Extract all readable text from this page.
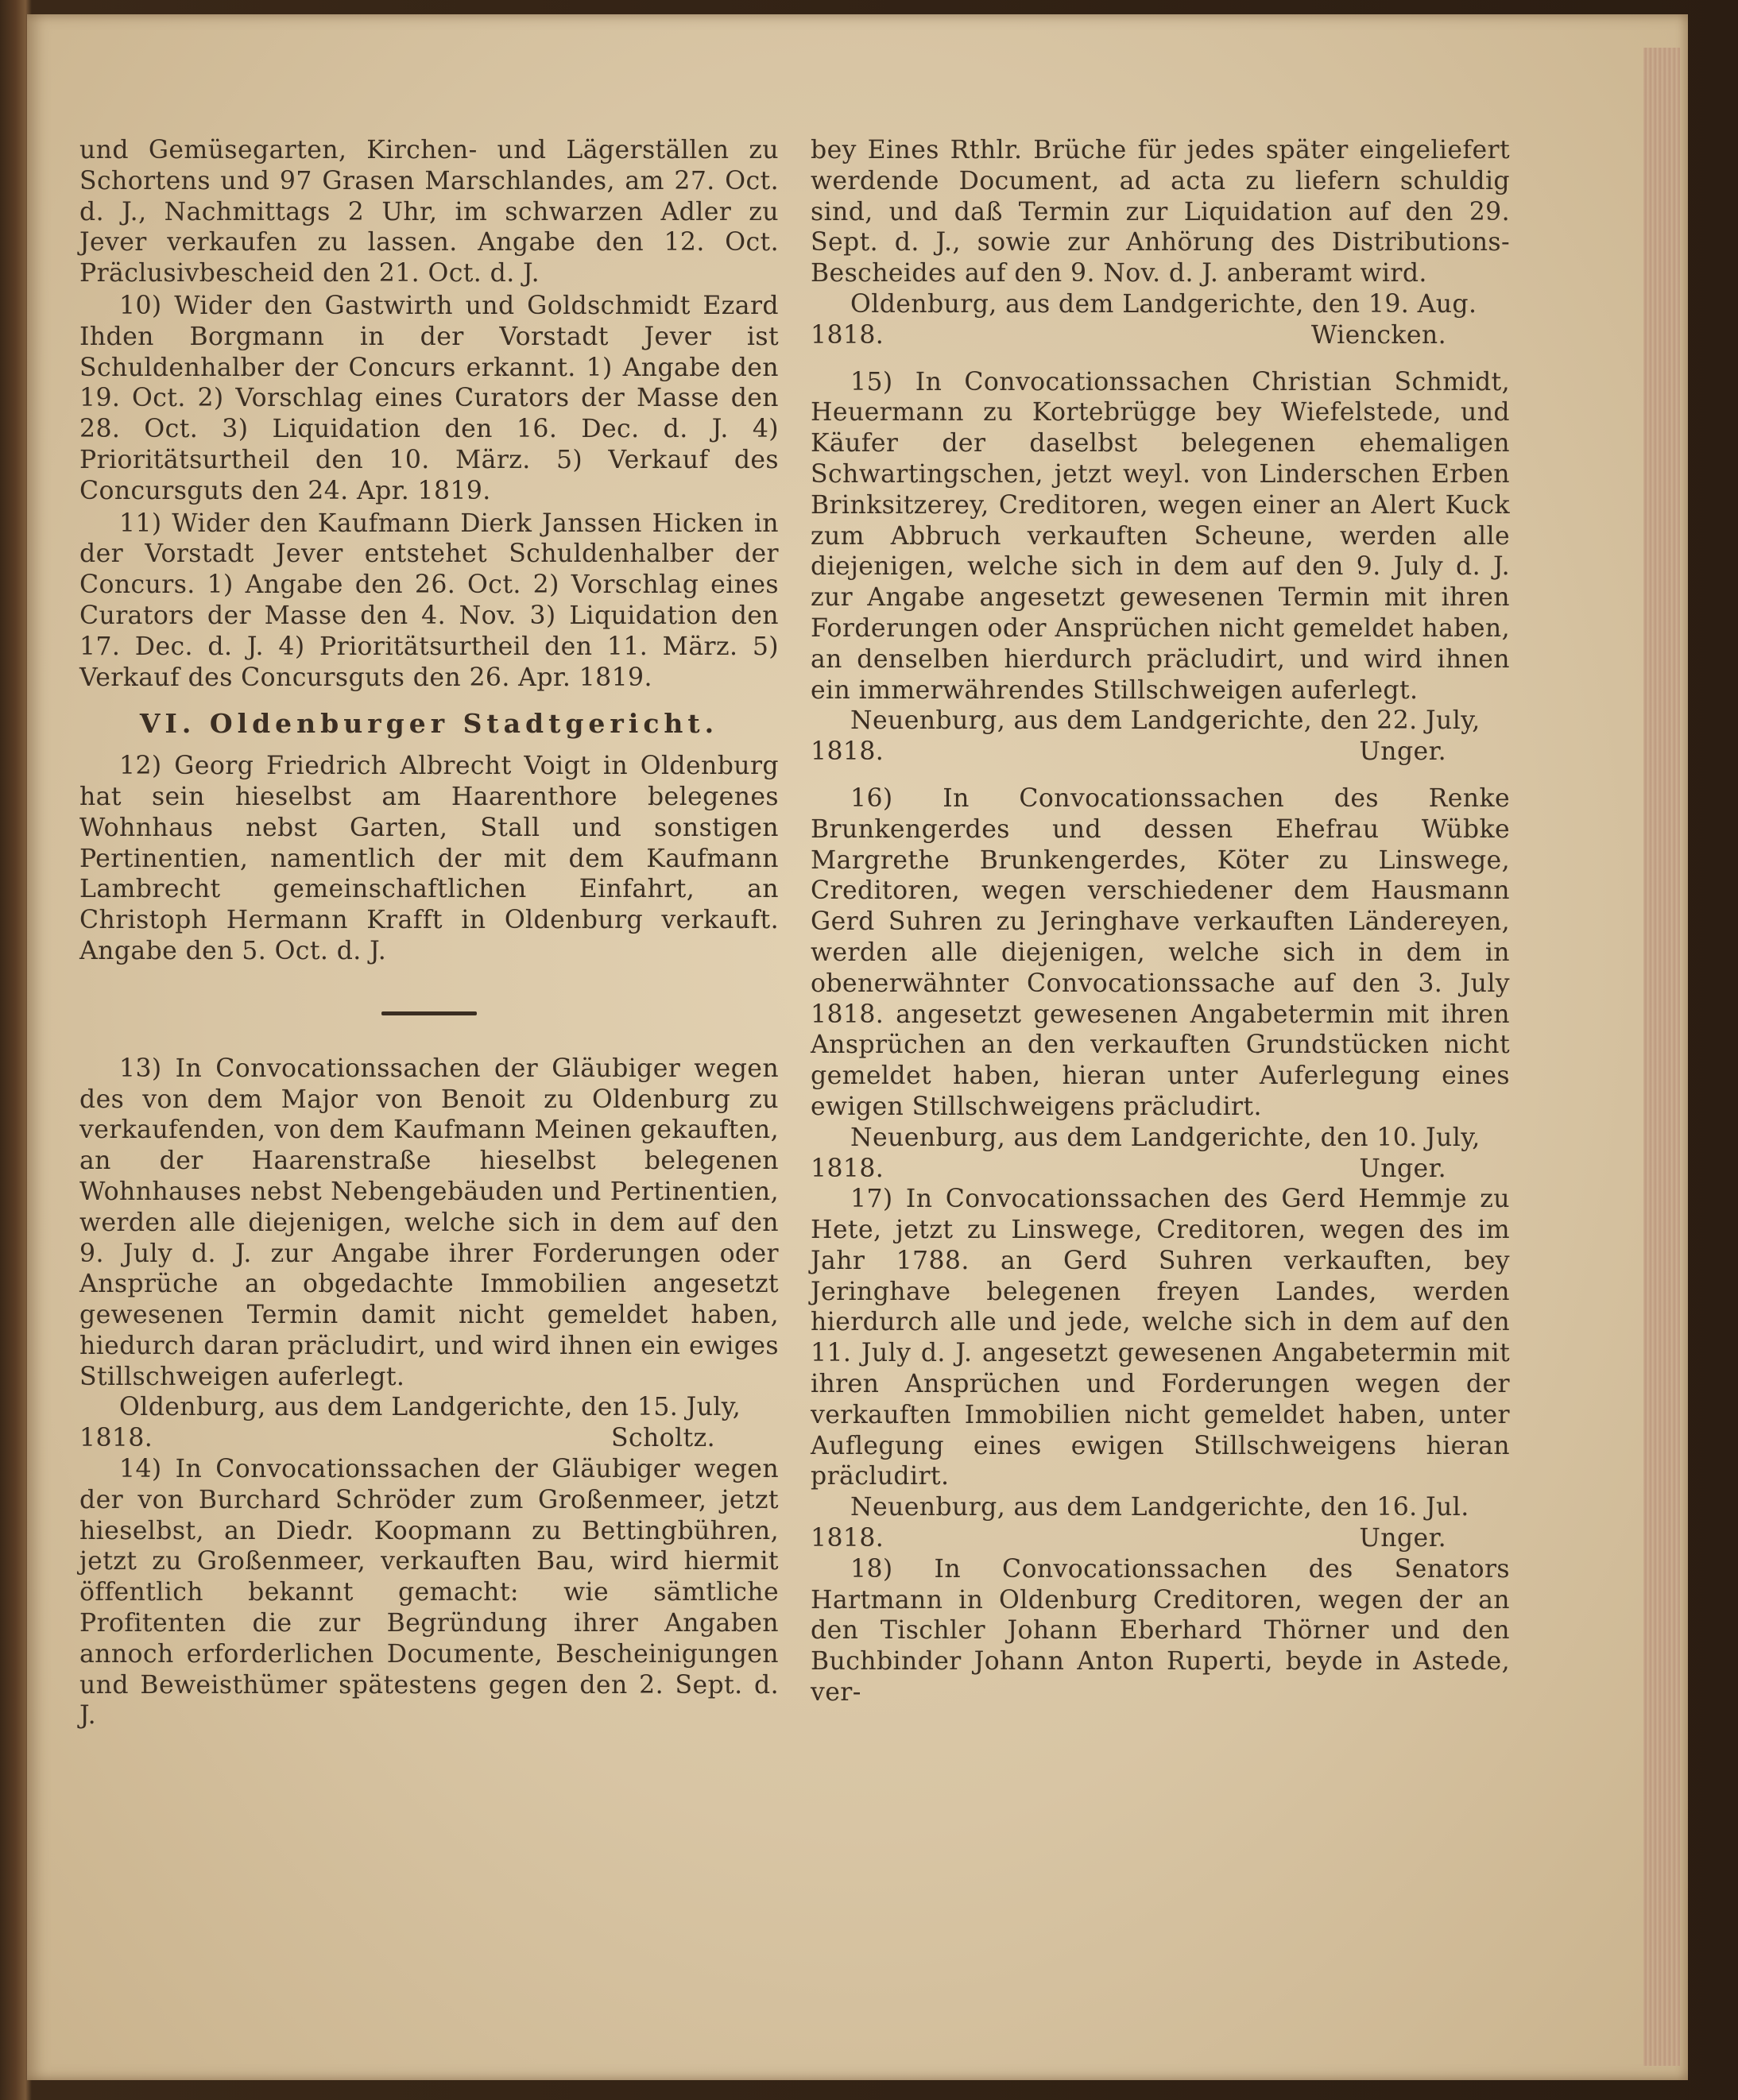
und Gemüsegarten, Kirchen- und Lägerställen zu Schortens und 97 Grasen Marschlandes, am 27. Oct. d. J., Nachmittags 2 Uhr, im schwarzen Adler zu Jever verkaufen zu lassen. Angabe den 12. Oct. Präclusivbescheid den 21. Oct. d. J.

10) Wider den Gastwirth und Goldschmidt Ezard Ihden Borgmann in der Vorstadt Jever ist Schuldenhalber der Concurs erkannt. 1) Angabe den 19. Oct. 2) Vorschlag eines Curators der Masse den 28. Oct. 3) Liquidation den 16. Dec. d. J. 4) Prioritätsurtheil den 10. März. 5) Verkauf des Concursguts den 24. Apr. 1819.

11) Wider den Kaufmann Dierk Janssen Hicken in der Vorstadt Jever entstehet Schuldenhalber der Concurs. 1) Angabe den 26. Oct. 2) Vorschlag eines Curators der Masse den 4. Nov. 3) Liquidation den 17. Dec. d. J. 4) Prioritätsurtheil den 11. März. 5) Verkauf des Concursguts den 26. Apr. 1819.

VI. Oldenburger Stadtgericht.

12) Georg Friedrich Albrecht Voigt in Oldenburg hat sein hieselbst am Haarenthore belegenes Wohnhaus nebst Garten, Stall und sonstigen Pertinentien, namentlich der mit dem Kaufmann Lambrecht gemeinschaftlichen Einfahrt, an Christoph Hermann Krafft in Oldenburg verkauft. Angabe den 5. Oct. d. J.

13) In Convocationssachen der Gläubiger wegen des von dem Major von Benoit zu Oldenburg zu verkaufenden, von dem Kaufmann Meinen gekauften, an der Haarenstraße hieselbst belegenen Wohnhauses nebst Nebengebäuden und Pertinentien, werden alle diejenigen, welche sich in dem auf den 9. July d. J. zur Angabe ihrer Forderungen oder Ansprüche an obgedachte Immobilien angesetzt gewesenen Termin damit nicht gemeldet haben, hiedurch daran präcludirt, und wird ihnen ein ewiges Stillschweigen auferlegt.

Oldenburg, aus dem Landgerichte, den 15. July,

1818.	Scholtz.

14) In Convocationssachen der Gläubiger wegen der von Burchard Schröder zum Großenmeer, jetzt hieselbst, an Diedr. Koopmann zu Bettingbühren, jetzt zu Großenmeer, verkauften Bau, wird hiermit öffentlich bekannt gemacht: wie sämtliche Profitenten die zur Begründung ihrer Angaben annoch erforderlichen Documente, Bescheinigungen und Beweisthümer spätestens gegen den 2. Sept. d. J.

bey Eines Rthlr. Brüche für jedes später eingeliefert werdende Document, ad acta zu liefern schuldig sind, und daß Termin zur Liquidation auf den 29. Sept. d. J., sowie zur Anhörung des Distributions-Bescheides auf den 9. Nov. d. J. anberamt wird.

Oldenburg, aus dem Landgerichte, den 19. Aug.

1818.	Wiencken.

15) In Convocationssachen Christian Schmidt, Heuermann zu Kortebrügge bey Wiefelstede, und Käufer der daselbst belegenen ehemaligen Schwartingschen, jetzt weyl. von Linderschen Erben Brinksitzerey, Creditoren, wegen einer an Alert Kuck zum Abbruch verkauften Scheune, werden alle diejenigen, welche sich in dem auf den 9. July d. J. zur Angabe angesetzt gewesenen Termin mit ihren Forderungen oder Ansprüchen nicht gemeldet haben, an denselben hierdurch präcludirt, und wird ihnen ein immerwährendes Stillschweigen auferlegt.

Neuenburg, aus dem Landgerichte, den 22. July,

1818.	Unger.

16) In Convocationssachen des Renke Brunkengerdes und dessen Ehefrau Wübke Margrethe Brunkengerdes, Köter zu Linswege, Creditoren, wegen verschiedener dem Hausmann Gerd Suhren zu Jeringhave verkauften Ländereyen, werden alle diejenigen, welche sich in dem in obenerwähnter Convocationssache auf den 3. July 1818. angesetzt gewesenen Angabetermin mit ihren Ansprüchen an den verkauften Grundstücken nicht gemeldet haben, hieran unter Auferlegung eines ewigen Stillschweigens präcludirt.

Neuenburg, aus dem Landgerichte, den 10. July,

1818.	Unger.

17) In Convocationssachen des Gerd Hemmje zu Hete, jetzt zu Linswege, Creditoren, wegen des im Jahr 1788. an Gerd Suhren verkauften, bey Jeringhave belegenen freyen Landes, werden hierdurch alle und jede, welche sich in dem auf den 11. July d. J. angesetzt gewesenen Angabetermin mit ihren Ansprüchen und Forderungen wegen der verkauften Immobilien nicht gemeldet haben, unter Auflegung eines ewigen Stillschweigens hieran präcludirt.

Neuenburg, aus dem Landgerichte, den 16. Jul.

1818.	Unger.

18) In Convocationssachen des Senators Hartmann in Oldenburg Creditoren, wegen der an den Tischler Johann Eberhard Thörner und den Buchbinder Johann Anton Ruperti, beyde in Astede, ver-
